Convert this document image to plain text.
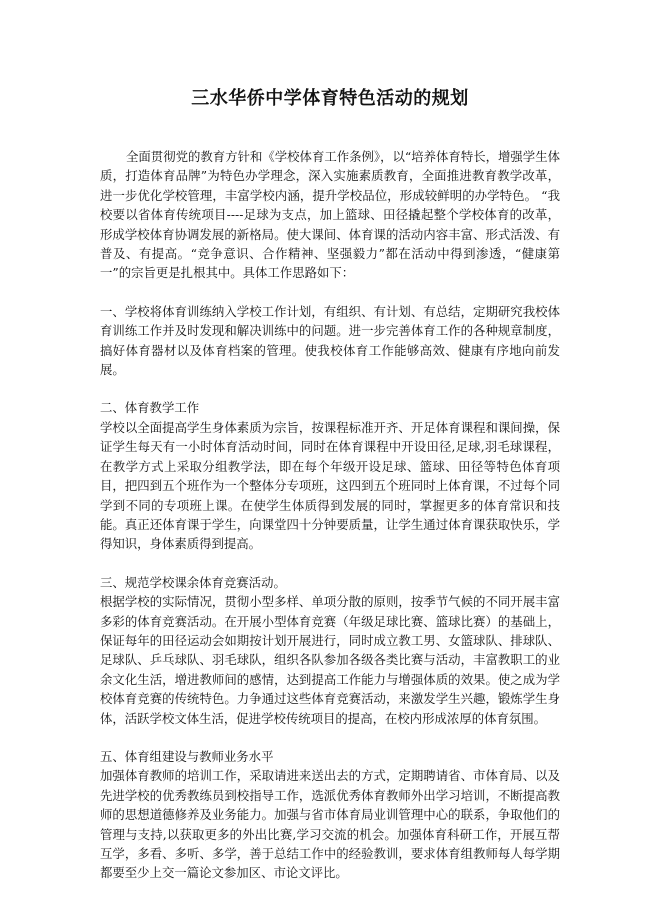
三水华侨中学体育特色活动的规划

全面贯彻党的教育方针和《学校体育工作条例》，以“培养体育特长，增强学生体质，打造体育品牌”为特色办学理念，深入实施素质教育，全面推进教育教学改革，进一步优化学校管理，丰富学校内涵，提升学校品位，形成较鲜明的办学特色。 “我校要以省体育传统项目----足球为支点，加上篮球、田径撬起整个学校体育的改革，形成学校体育协调发展的新格局。使大课间、体育课的活动内容丰富、形式活泼、有普及、有提高。“竞争意识、合作精神、坚强毅力”都在活动中得到渗透，“健康第一”的宗旨更是扎根其中。具体工作思路如下：

一、学校将体育训练纳入学校工作计划，有组织、有计划、有总结，定期研究我校体育训练工作并及时发现和解决训练中的问题。进一步完善体育工作的各种规章制度，搞好体育器材以及体育档案的管理。使我校体育工作能够高效、健康有序地向前发展。

二、体育教学工作

学校以全面提高学生身体素质为宗旨，按课程标准开齐、开足体育课程和课间操，保证学生每天有一小时体育活动时间，同时在体育课程中开设田径,足球,羽毛球课程，在教学方式上采取分组教学法，即在每个年级开设足球、篮球、田径等特色体育项目，把四到五个班作为一个整体分专项班，这四到五个班同时上体育课，不过每个同学到不同的专项班上课。在使学生体质得到发展的同时，掌握更多的体育常识和技能。真正还体育课于学生，向课堂四十分钟要质量，让学生通过体育课获取快乐，学得知识，身体素质得到提高。

三、规范学校课余体育竞赛活动。

根据学校的实际情况，贯彻小型多样、单项分散的原则，按季节气候的不同开展丰富多彩的体育竞赛活动。在开展小型体育竞赛（年级足球比赛、篮球比赛）的基础上，保证每年的田径运动会如期按计划开展进行，同时成立教工男、女篮球队、排球队、足球队、乒乓球队、羽毛球队，组织各队参加各级各类比赛与活动，丰富教职工的业余文化生活，增进教师间的感情，达到提高工作能力与增强体质的效果。使之成为学校体育竞赛的传统特色。力争通过这些体育竞赛活动，来激发学生兴趣，锻炼学生身体，活跃学校文体生活，促进学校传统项目的提高，在校内形成浓厚的体育氛围。

五、体育组建设与教师业务水平

加强体育教师的培训工作，采取请进来送出去的方式，定期聘请省、市体育局、以及先进学校的优秀教练员到校指导工作，选派优秀体育教师外出学习培训，不断提高教师的思想道德修养及业务能力。加强与省市体育局业训管理中心的联系，争取他们的管理与支持,以获取更多的外出比赛,学习交流的机会。加强体育科研工作，开展互帮互学，多看、多听、多学，善于总结工作中的经验教训，要求体育组教师每人每学期都要至少上交一篇论文参加区、市论文评比。
